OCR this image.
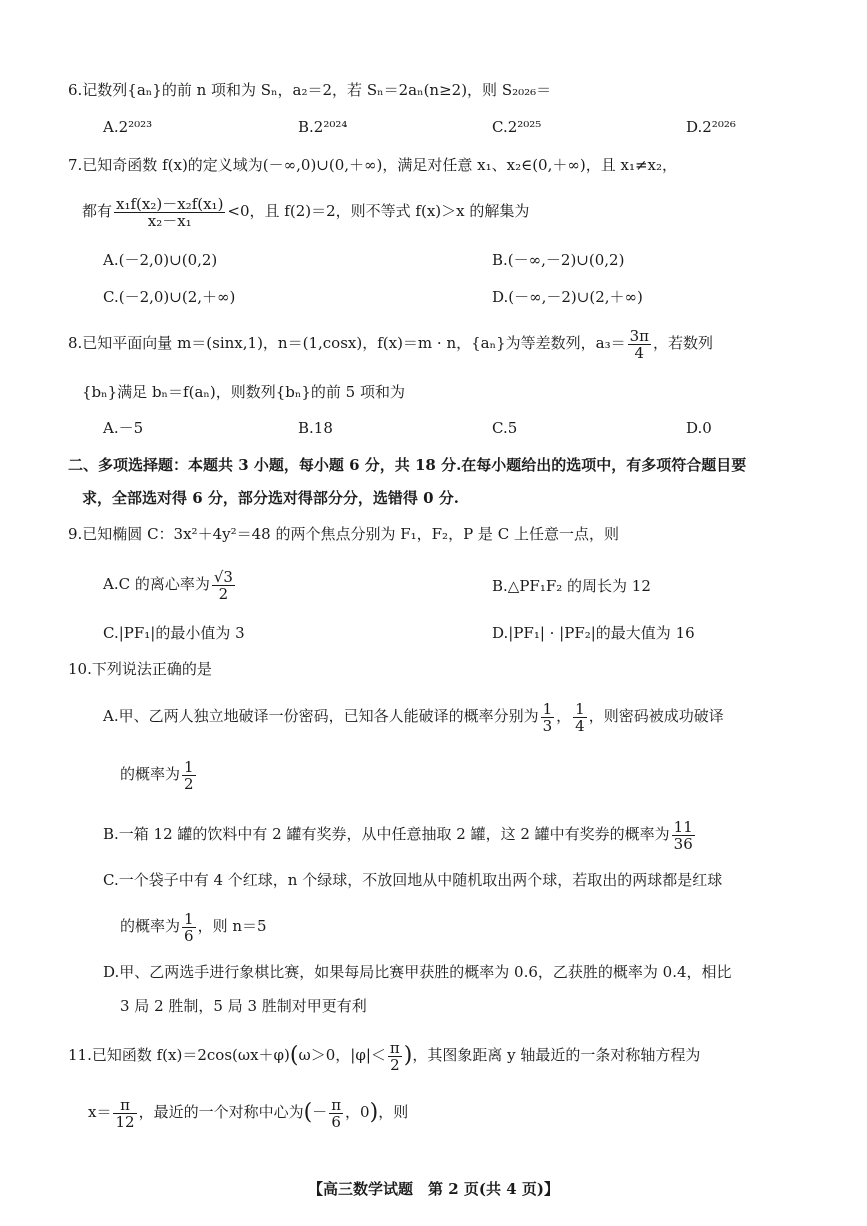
6.记数列{aₙ}的前 n 项和为 Sₙ，a₂＝2，若 Sₙ＝2aₙ(n≥2)，则 S₂₀₂₆＝
A.2²⁰²³	B.2²⁰²⁴	C.2²⁰²⁵	D.2²⁰²⁶
7.已知奇函数 f(x)的定义域为(－∞,0)∪(0,＋∞)，满足对任意 x₁、x₂∈(0,＋∞)，且 x₁≠x₂，
都有 $\frac{\text{x₁f(x₂)－x₂f(x₁)}}{\text{x₂－x₁}} <0$，且 f(2)＝2，则不等式 f(x)＞x 的解集为
A.(－2,0)∪(0,2)	B.(－∞,－2)∪(0,2)
C.(－2,0)∪(2,＋∞)	D.(－∞,－2)∪(2,＋∞)
8.已知平面向量 m＝(sinx,1)，n＝(1,cosx)，f(x)＝m · n，{aₙ}为等差数列，$a_3= \frac{3\pi}{4}$ ，若数列
{bₙ}满足 bₙ＝f(aₙ)，则数列{bₙ}的前 5 项和为
A.－5	B.18	C.5	D.0
二、多项选择题：本题共 3 小题，每小题 6 分，共 18 分.在每小题给出的选项中，有多项符合题目要
求，全部选对得 6 分，部分选对得部分分，选错得 0 分.
9.已知椭圆 C：3x²＋4y²＝48 的两个焦点分别为 F₁，F₂，P 是 C 上任意一点，则
A.C 的离心率为 $\frac{√3}{2}$	B.△PF₁F₂ 的周长为 12
C.|PF₁|的最小值为 3	D.|PF₁| · |PF₂|的最大值为 16
10.下列说法正确的是
A.甲、乙两人独立地破译一份密码，已知各人能破译的概率分别为 $\frac{1}{3}$ ， $\frac{1}{4}$ ，则密码被成功破译
的概率为 $\frac{1}{2}$
B.一箱 12 罐的饮料中有 2 罐有奖券，从中任意抽取 2 罐，这 2 罐中有奖券的概率为 $\frac{11}{36}$
C.一个袋子中有 4 个红球，n 个绿球，不放回地从中随机取出两个球，若取出的两球都是红球
的概率为 $\frac{1}{6}$ ，则 n＝5
D.甲、乙两选手进行象棋比赛，如果每局比赛甲获胜的概率为 0.6，乙获胜的概率为 0.4，相比
3 局 2 胜制，5 局 3 胜制对甲更有利
11.已知函数 f(x)＝2cos(ωx＋φ)(ω＞0，$|\varphi|< \frac{\pi}{2}$ )，其图象距离 y 轴最近的一条对称轴方程为
$x= \frac{\pi}{12}$ ，最近的一个对称中心为(－ $\frac{\pi}{6}$ ，0)，则
【高三数学试题　第 2 页(共 4 页)】
